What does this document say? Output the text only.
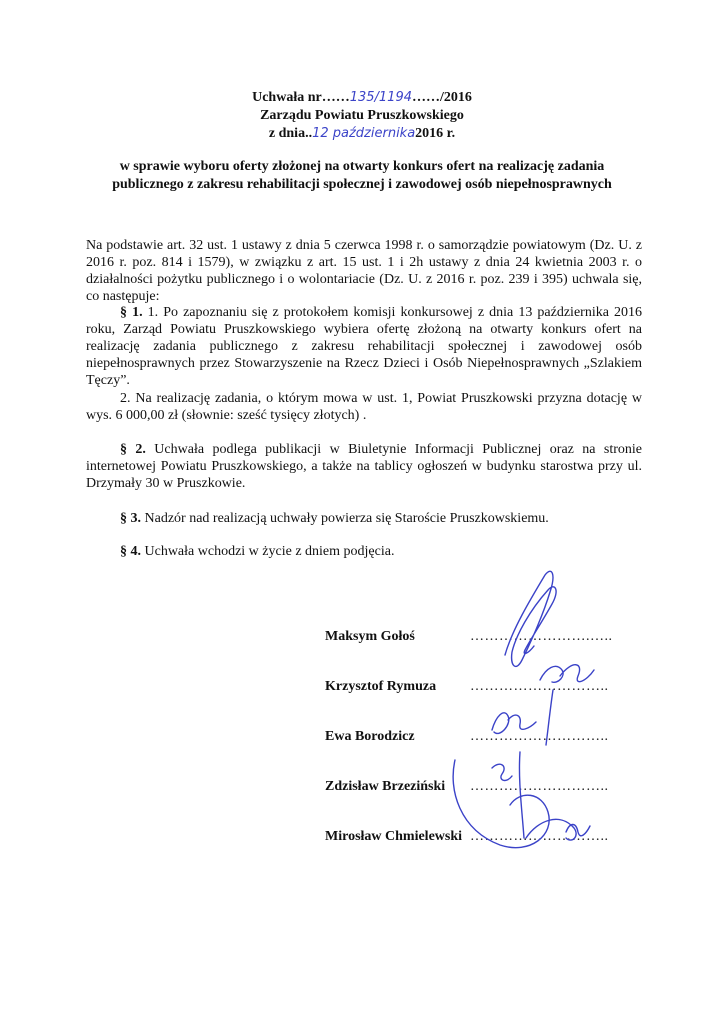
Uchwała nr……135/1194……/2016
Zarządu Powiatu Pruszkowskiego
z dnia..12 października2016 r.
w sprawie wyboru oferty złożonej na otwarty konkurs ofert na realizację zadania
publicznego z zakresu rehabilitacji społecznej i zawodowej osób niepełnosprawnych
Na podstawie art. 32 ust. 1 ustawy z dnia 5 czerwca 1998 r. o samorządzie powiatowym (Dz. U. z 2016 r. poz. 814 i 1579), w związku z art. 15 ust. 1 i 2h ustawy z dnia 24 kwietnia 2003 r. o działalności pożytku publicznego i o wolontariacie (Dz. U. z 2016 r. poz. 239 i 395) uchwala się, co następuje:
§ 1. 1. Po zapoznaniu się z protokołem komisji konkursowej z dnia 13 października 2016 roku, Zarząd Powiatu Pruszkowskiego wybiera ofertę złożoną na otwarty konkurs ofert na realizację zadania publicznego z zakresu rehabilitacji społecznej i zawodowej osób niepełnosprawnych przez Stowarzyszenie na Rzecz Dzieci i Osób Niepełnosprawnych „Szlakiem Tęczy”.
2. Na realizację zadania, o którym mowa w ust. 1, Powiat Pruszkowski przyzna dotację w wys. 6 000,00 zł (słownie: sześć tysięcy złotych) .
§ 2. Uchwała podlega publikacji w Biuletynie Informacji Publicznej oraz na stronie internetowej Powiatu Pruszkowskiego, a także na tablicy ogłoszeń w budynku starostwa przy ul. Drzymały 30 w Pruszkowie.
§ 3. Nadzór nad realizacją uchwały powierza się Staroście Pruszkowskiemu.
§ 4. Uchwała wchodzi w życie z dniem podjęcia.
Maksym Gołoś	…………………….…..
Krzysztof Rymuza ………………………..
Ewa Borodzicz	………………………..
Zdzisław Brzeziński ………………………..
Mirosław Chmielewski ………………………..
